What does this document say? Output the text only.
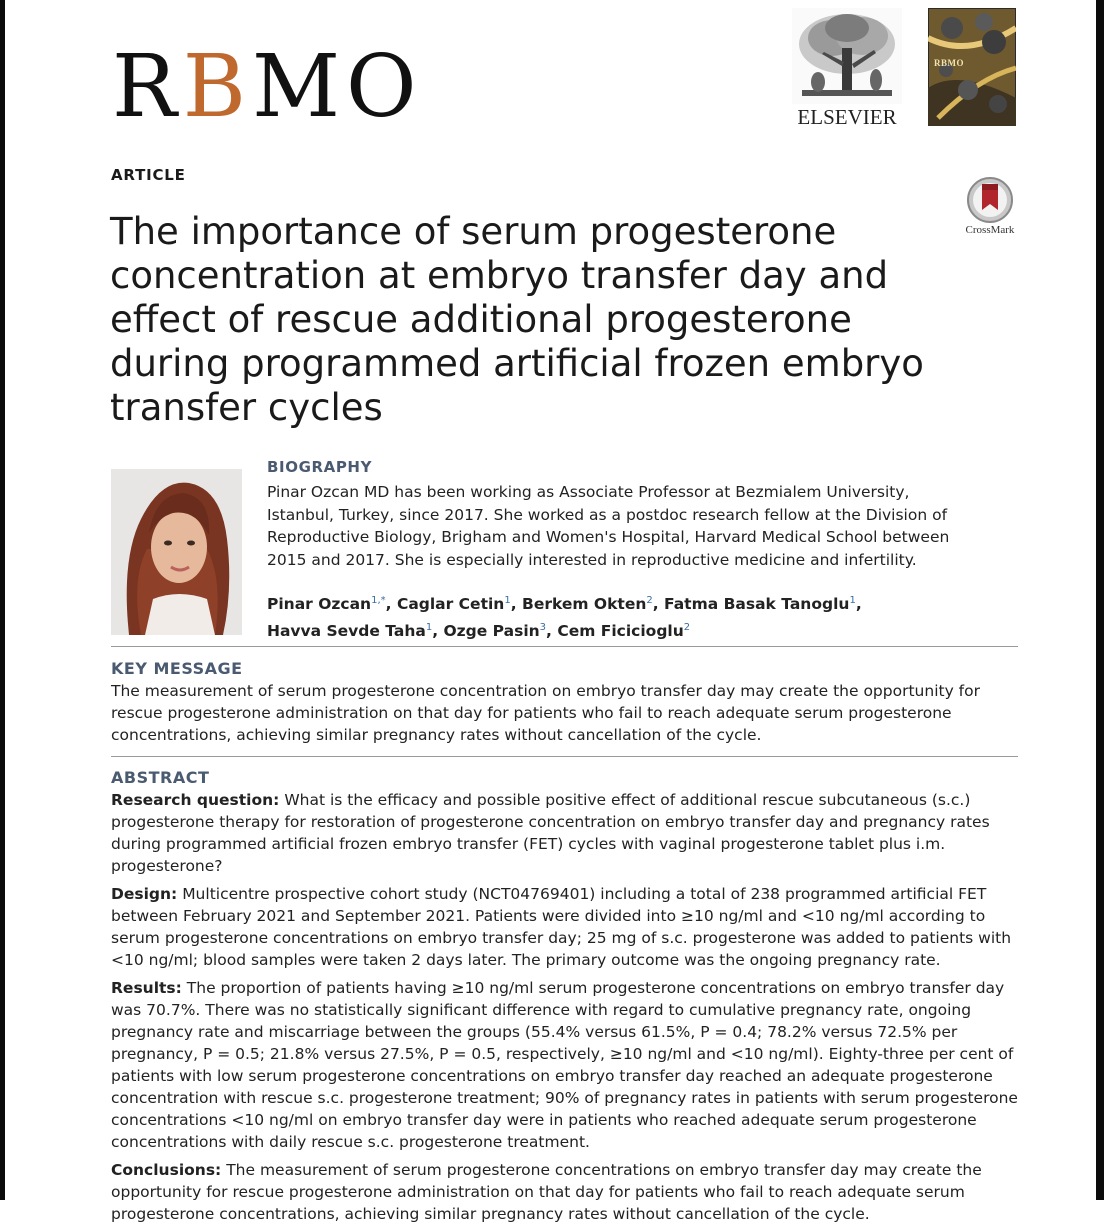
RBMO	ELSEVIER
RBMO
CrossMark
ARTICLE
The importance of serum progesterone concentration at embryo transfer day and effect of rescue additional progesterone during programmed artificial frozen embryo transfer cycles
BIOGRAPHY
Pinar Ozcan MD has been working as Associate Professor at Bezmialem University, Istanbul, Turkey, since 2017. She worked as a postdoc research fellow at the Division of Reproductive Biology, Brigham and Women's Hospital, Harvard Medical School between 2015 and 2017. She is especially interested in reproductive medicine and infertility.
Pinar Ozcan$^{1,*}$, Caglar Cetin$^1$, Berkem Okten$^2$, Fatma Basak Tanoglu$^1$,
Havva Sevde Taha$^1$, Ozge Pasin$^3$, Cem Ficicioglu$^2$
KEY MESSAGE
The measurement of serum progesterone concentration on embryo transfer day may create the opportunity for rescue progesterone administration on that day for patients who fail to reach adequate serum progesterone concentrations, achieving similar pregnancy rates without cancellation of the cycle.
ABSTRACT

Research question: What is the efficacy and possible positive effect of additional rescue subcutaneous (s.c.) progesterone therapy for restoration of progesterone concentration on embryo transfer day and pregnancy rates during programmed artificial frozen embryo transfer (FET) cycles with vaginal progesterone tablet plus i.m. progesterone?

Design: Multicentre prospective cohort study (NCT04769401) including a total of 238 programmed artificial FET between February 2021 and September 2021. Patients were divided into ≥10 ng/ml and <10 ng/ml according to serum progesterone concentrations on embryo transfer day; 25 mg of s.c. progesterone was added to patients with <10 ng/ml; blood samples were taken 2 days later. The primary outcome was the ongoing pregnancy rate.

Results: The proportion of patients having ≥10 ng/ml serum progesterone concentrations on embryo transfer day was 70.7%. There was no statistically significant difference with regard to cumulative pregnancy rate, ongoing pregnancy rate and miscarriage between the groups (55.4% versus 61.5%, P = 0.4; 78.2% versus 72.5% per pregnancy, P = 0.5; 21.8% versus 27.5%, P = 0.5, respectively, ≥10 ng/ml and <10 ng/ml). Eighty-three per cent of patients with low serum progesterone concentrations on embryo transfer day reached an adequate progesterone concentration with rescue s.c. progesterone treatment; 90% of pregnancy rates in patients with serum progesterone concentrations <10 ng/ml on embryo transfer day were in patients who reached adequate serum progesterone concentrations with daily rescue s.c. progesterone treatment.

Conclusions: The measurement of serum progesterone concentrations on embryo transfer day may create the opportunity for rescue progesterone administration on that day for patients who fail to reach adequate serum progesterone concentrations, achieving similar pregnancy rates without cancellation of the cycle.
